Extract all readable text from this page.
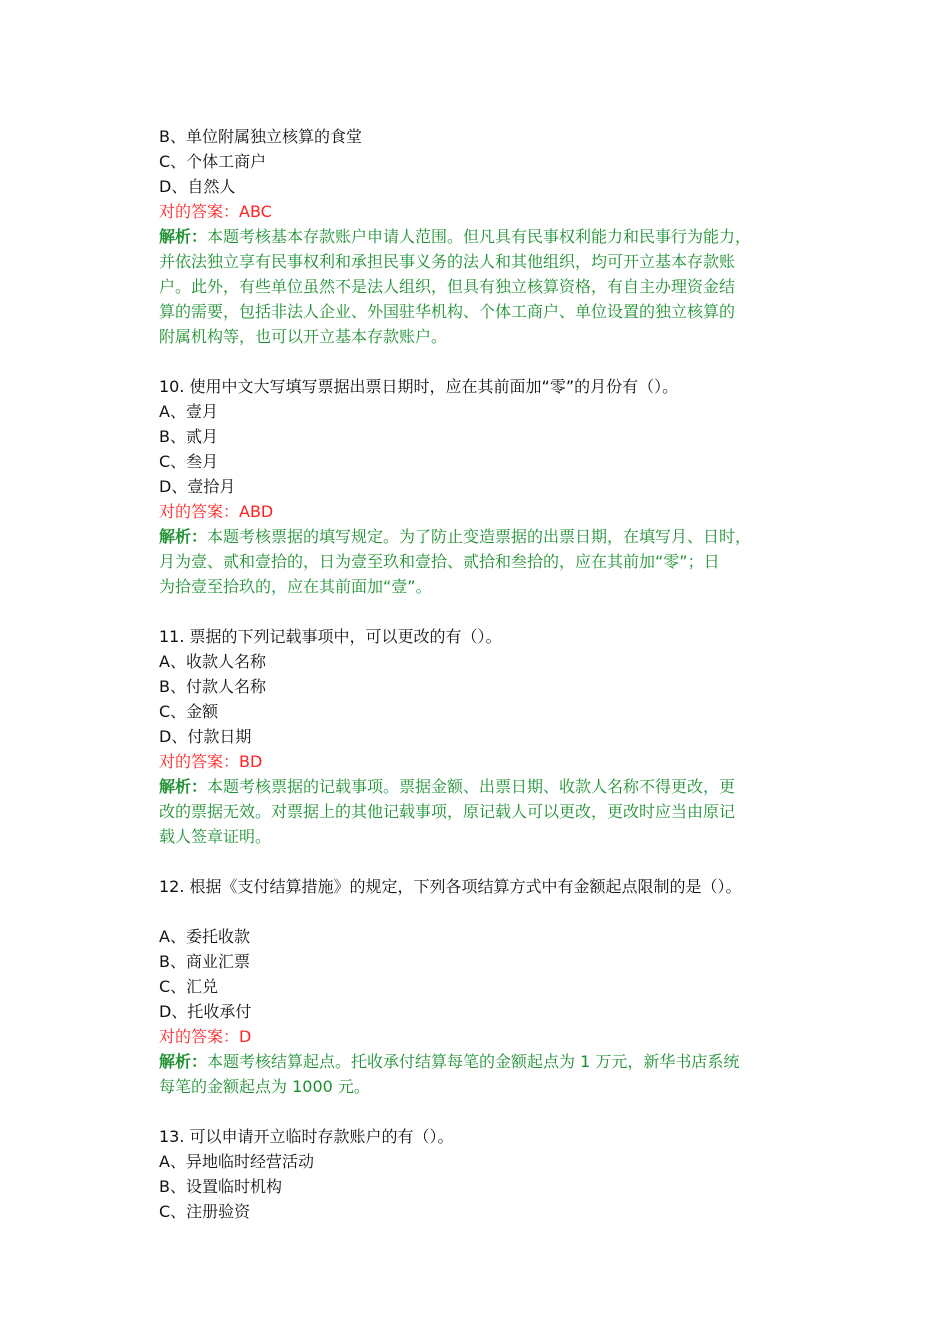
B、单位附属独立核算的食堂
C、个体工商户
D、自然人
对的答案：ABC
解析：本题考核基本存款账户申请人范围。但凡具有民事权利能力和民事行为能力，
并依法独立享有民事权利和承担民事义务的法人和其他组织，均可开立基本存款账
户。此外，有些单位虽然不是法人组织，但具有独立核算资格，有自主办理资金结
算的需要，包括非法人企业、外国驻华机构、个体工商户、单位设置的独立核算的
附属机构等，也可以开立基本存款账户。
10. 使用中文大写填写票据出票日期时，应在其前面加“零”的月份有（）。
A、壹月
B、贰月
C、叁月
D、壹拾月
对的答案：ABD
解析：本题考核票据的填写规定。为了防止变造票据的出票日期，在填写月、日时，
月为壹、贰和壹拾的，日为壹至玖和壹拾、贰拾和叁拾的，应在其前加“零”；日
为拾壹至拾玖的，应在其前面加“壹”。
11. 票据的下列记载事项中，可以更改的有（）。
A、收款人名称
B、付款人名称
C、金额
D、付款日期
对的答案：BD
解析：本题考核票据的记载事项。票据金额、出票日期、收款人名称不得更改，更
改的票据无效。对票据上的其他记载事项，原记载人可以更改，更改时应当由原记
载人签章证明。
12. 根据《支付结算措施》的规定，下列各项结算方式中有金额起点限制的是（）。
A、委托收款
B、商业汇票
C、汇兑
D、托收承付
对的答案：D
解析：本题考核结算起点。托收承付结算每笔的金额起点为 1 万元，新华书店系统
每笔的金额起点为 1000 元。
13. 可以申请开立临时存款账户的有（）。
A、异地临时经营活动
B、设置临时机构
C、注册验资
